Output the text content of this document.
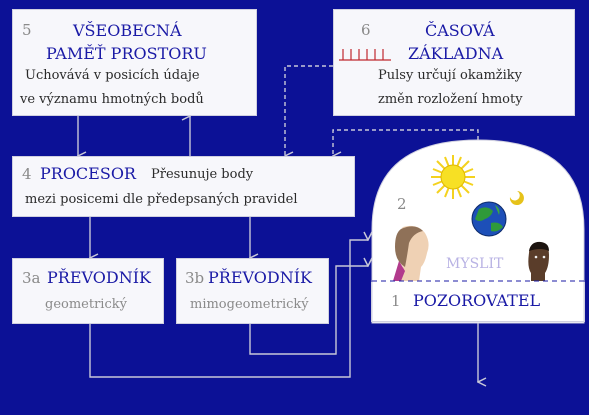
5	VŠEOBECNÁ
PAMĚŤ PROSTORU
Uchovává v posicích údaje
ve významu hmotných bodů
6	ČASOVÁ
ZÁKLADNA
Pulsy určují okamžiky
změn rozložení hmoty
4 PROCESOR Přesunuje body
mezi posicemi dle předepsaných pravidel
3a PŘEVODNÍK
geometrický
3b PŘEVODNÍK
mimogeometrický
2
MYSLIT
1 POZOROVATEL
